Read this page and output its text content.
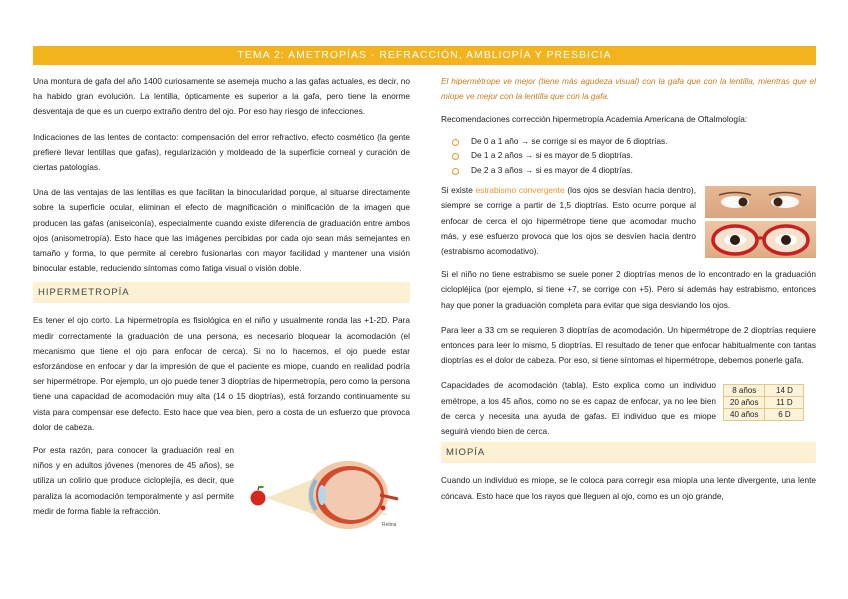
TEMA 2: AMETROPÍAS - REFRACCIÓN, AMBLIOPÍA Y PRESBICIA

Una montura de gafa del año 1400 curiosamente se asemeja mucho a las gafas actuales, es decir, no ha habido gran evolución. La lentilla, ópticamente es superior a la gafa, pero tiene la enorme desventaja de que es un cuerpo extraño dentro del ojo. Por eso hay riesgo de infecciones.

Indicaciones de las lentes de contacto: compensación del error refractivo, efecto cosmético (la gente prefiere llevar lentillas que gafas), regularización y moldeado de la superficie corneal y curación de ciertas patologías.

Una de las ventajas de las lentillas es que facilitan la binocularidad porque, al situarse directamente sobre la superficie ocular, eliminan el efecto de magnificación o minificación de la imagen que producen las gafas (aniseiconía), especialmente cuando existe diferencia de graduación entre ambos ojos (anisometropía). Esto hace que las imágenes percibidas por cada ojo sean más semejantes en tamaño y forma, lo que permite al cerebro fusionarlas con mayor facilidad y mantener una visión binocular estable, reduciendo síntomas como fatiga visual o visión doble.

HIPERMETROPÍA

Es tener el ojo corto. La hipermetropía es fisiológica en el niño y usualmente ronda las +1-2D. Para medir correctamente la graduación de una persona, es necesario bloquear la acomodación (el mecanismo que tiene el ojo para enfocar de cerca). Si no lo hacemos, el ojo puede estar esforzándose en enfocar y dar la impresión de que el paciente es miope, cuando en realidad podría ser hipermétrope. Por ejemplo, un ojo puede tener 3 dioptrías de hipermetropía, pero como la persona tiene una capacidad de acomodación muy alta (14 o 15 dioptrías), está forzando continuamente su vista para compensar ese defecto. Esto hace que vea bien, pero a costa de un esfuerzo que provoca dolor de cabeza.

Por esta razón, para conocer la graduación real en niños y en adultos jóvenes (menores de 45 años), se utiliza un colirio que produce cicloplejía, es decir, que paraliza la acomodación temporalmente y así permite medir de forma fiable la refracción.

Retina

El hipermètrope ve mejor (tiene más agudeza visual) con la gafa que con la lentilla, mientras que el miope ve mejor con la lentilla que con la gafa.

Recomendaciones corrección hipermetropía Academia Americana de Oftalmología:

De 0 a 1 año → se corrige si es mayor de 6 dioptrías.
De 1 a 2 años → si es mayor de 5 dioptrías.
De 2 a 3 años → si es mayor de 4 dioptrías.

Si existe estrabismo convergente (los ojos se desvían hacia dentro), siempre se corrige a partir de 1,5 dioptrías. Esto ocurre porque al enfocar de cerca el ojo hipermétrope tiene que acomodar mucho más, y ese esfuerzo provoca que los ojos se desvíen hacia dentro (estrabismo acomodativo).

Si el niño no tiene estrabismo se suele poner 2 dioptrías menos de lo encontrado en la graduación ciclopléjica (por ejemplo, si tiene +7, se corrige con +5). Pero si además hay estrabismo, entonces hay que poner la graduación completa para evitar que siga desviando los ojos.

Para leer a 33 cm se requieren 3 dioptrías de acomodación. Un hipermétrope de 2 dioptrías requiere entonces para leer lo mismo, 5 dioptrías. El resultado de tener que enfocar habitualmente con tantas dioptrías es el dolor de cabeza. Por eso, si tiene síntomas el hipermétrope, debemos ponerle gafa.

Capacidades de acomodación (tabla). Esto explica como un individuo emétrope, a los 45 años, como no se es capaz de enfocar, ya no lee bien de cerca y necesita una ayuda de gafas. El individuo que es miope seguirá viendo bien de cerca.

8 años	14 D
20 años	11 D
40 años	6 D
MIOPÍA

Cuando un individuo es miope, se le coloca para corregir esa miopía una lente divergente, una lente cóncava. Esto hace que los rayos que lleguen al ojo, como es un ojo grande,
